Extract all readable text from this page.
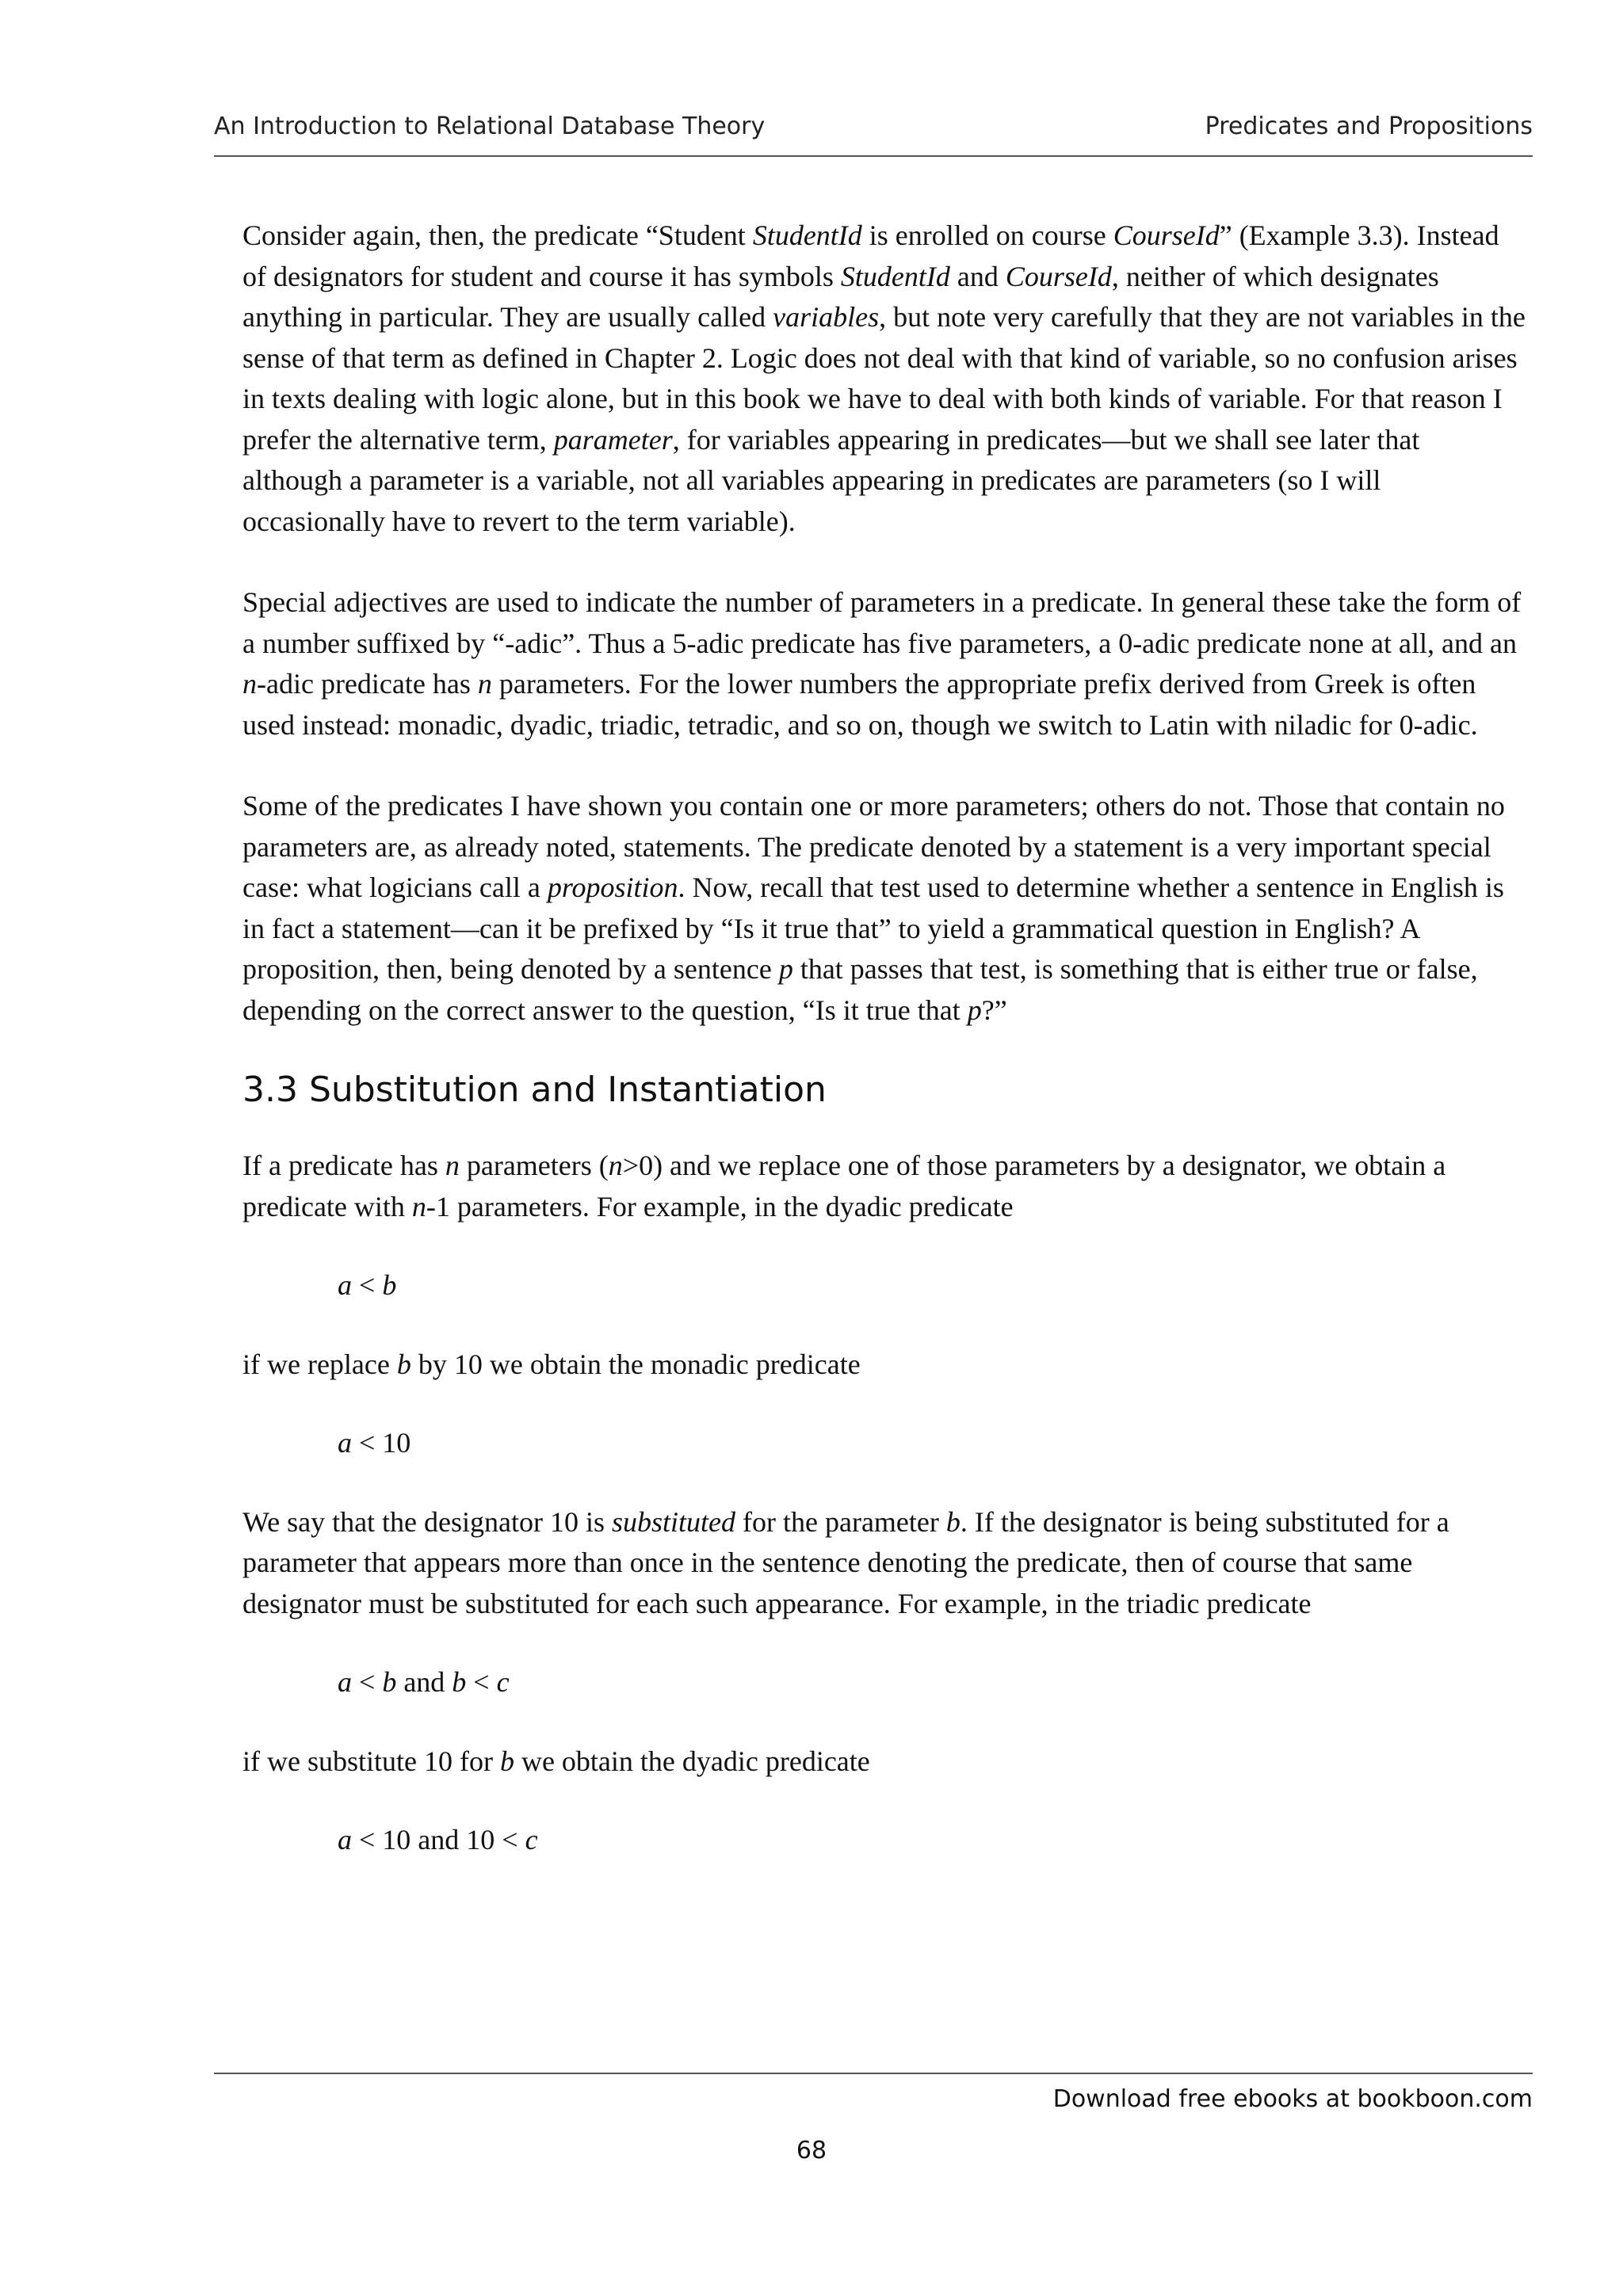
An Introduction to Relational Database Theory	Predicates and Propositions

Consider again, then, the predicate “Student StudentId is enrolled on course CourseId” (Example 3.3). Instead of designators for student and course it has symbols StudentId and CourseId, neither of which designates anything in particular. They are usually called variables, but note very carefully that they are not variables in the sense of that term as defined in Chapter 2. Logic does not deal with that kind of variable, so no confusion arises in texts dealing with logic alone, but in this book we have to deal with both kinds of variable. For that reason I prefer the alternative term, parameter, for variables appearing in predicates—but we shall see later that although a parameter is a variable, not all variables appearing in predicates are parameters (so I will occasionally have to revert to the term variable).

Special adjectives are used to indicate the number of parameters in a predicate. In general these take the form of a number suffixed by “-adic”. Thus a 5-adic predicate has five parameters, a 0-adic predicate none at all, and an n-adic predicate has n parameters. For the lower numbers the appropriate prefix derived from Greek is often used instead: monadic, dyadic, triadic, tetradic, and so on, though we switch to Latin with niladic for 0-adic.

Some of the predicates I have shown you contain one or more parameters; others do not. Those that contain no parameters are, as already noted, statements. The predicate denoted by a statement is a very important special case: what logicians call a proposition. Now, recall that test used to determine whether a sentence in English is in fact a statement—can it be prefixed by “Is it true that” to yield a grammatical question in English? A proposition, then, being denoted by a sentence p that passes that test, is something that is either true or false, depending on the correct answer to the question, “Is it true that p?”

3.3 Substitution and Instantiation

If a predicate has n parameters (n>0) and we replace one of those parameters by a designator, we obtain a predicate with n-1 parameters. For example, in the dyadic predicate

a < b

if we replace b by 10 we obtain the monadic predicate

a < 10

We say that the designator 10 is substituted for the parameter b. If the designator is being substituted for a parameter that appears more than once in the sentence denoting the predicate, then of course that same designator must be substituted for each such appearance. For example, in the triadic predicate

a < b and b < c

if we substitute 10 for b we obtain the dyadic predicate

a < 10 and 10 < c
Download free ebooks at bookboon.com
68
